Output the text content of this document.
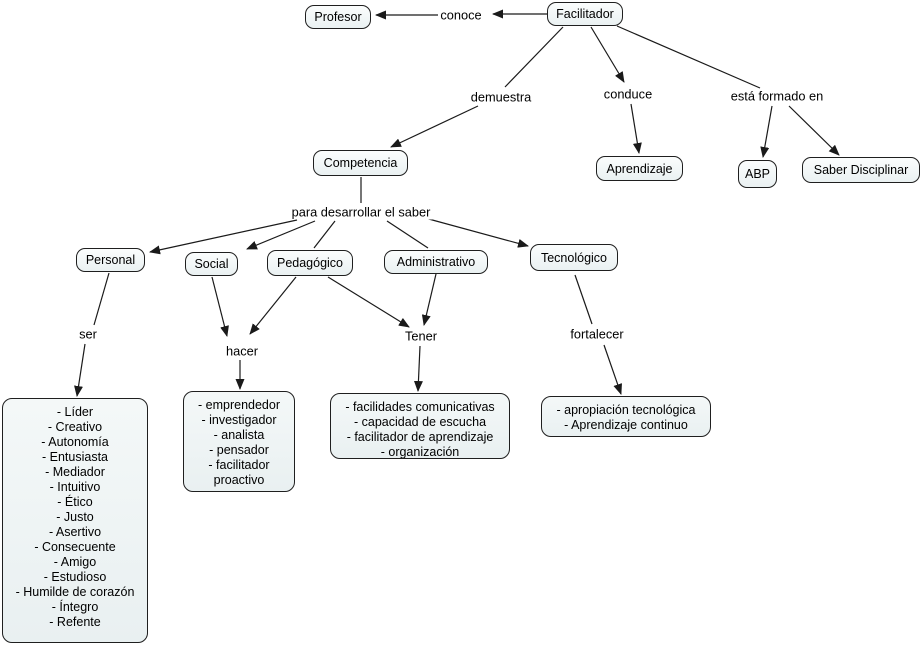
Profesor	Facilitador
Competencia	Aprendizaje	ABP	Saber Disciplinar
Personal	Social	Pedagógico	Administrativo	Tecnológico
conoce
demuestra	conduce	está formado en
para desarrollar el saber
ser
hacer
Tener	fortalecer
- Líder
- Creativo
- Autonomía
- Entusiasta
- Mediador
- Intuitivo
- Ético
- Justo
- Asertivo
- Consecuente
- Amigo
- Estudioso
- Humilde de corazón
- Íntegro
- Refente
- emprendedor
- investigador
- analista
- pensador
- facilitador proactivo
- facilidades comunicativas
- capacidad de escucha
- facilitador de aprendizaje
- organización
- apropiación tecnológica
- Aprendizaje continuo
